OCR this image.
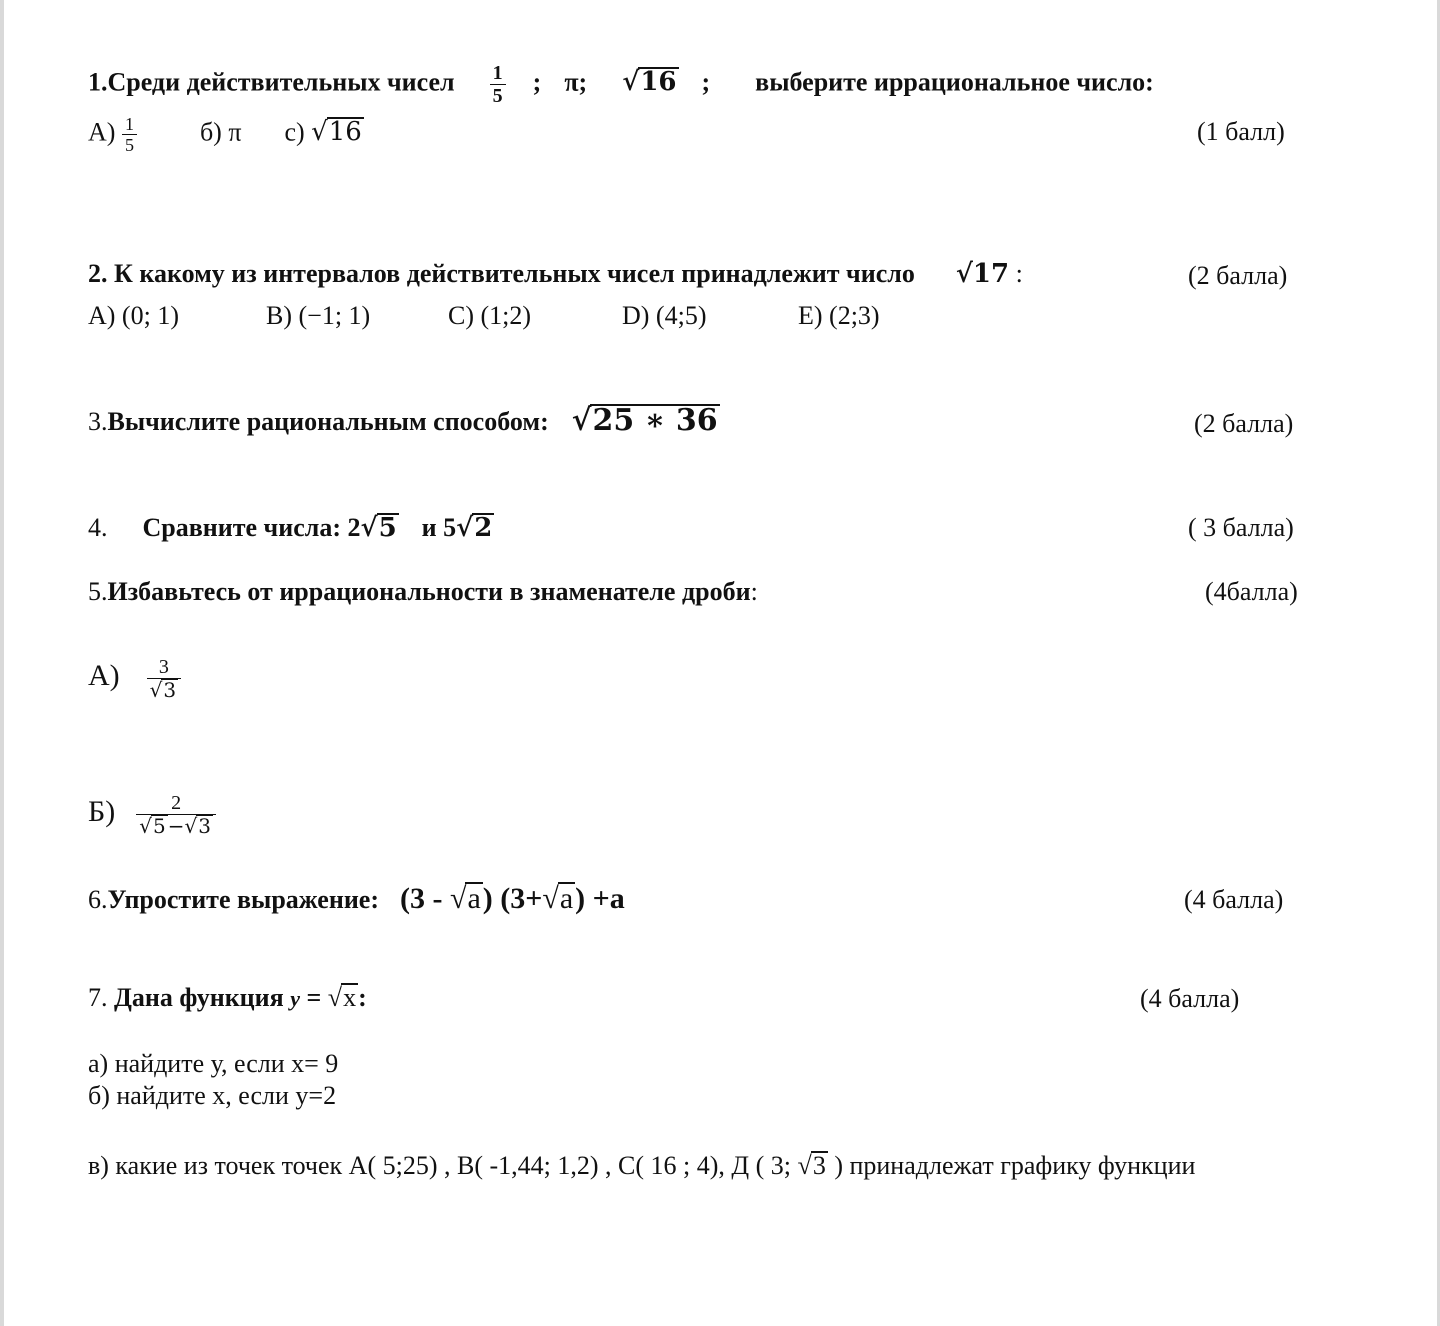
1.Среди действительных чисел $\frac{1}{5}$ ; π; √16 ; выберите иррациональное число:
$А) \frac{1}{5} б$) π с) √16	(1 балл)
2. К какому из интервалов действительных чисел принадлежит число √17 :	(2 балла)
А) (0; 1)	В) (−1; 1)	С) (1;2)	D) (4;5)	Е) (2;3)
3.Вычислите рациональным способом: √25 ∗ 36	(2 балла)
4. Сравните числа: 2√5 и 5√2	( 3 балла)
5.Избавьтесь от иррациональности в знаменателе дроби:	(4балла)
$А) \frac{3}{√3}$
$Б) \frac{2}{√5 -√3}$
6.Упростите выражение: (3 - √a) (3+√a) +a	(4 балла)
7. Дана функция y = √x:	(4 балла)
а) найдите у, если х= 9
б) найдите х, если у=2
в) какие из точек точек А( 5;25) , В( -1,44; 1,2) , С( 16 ; 4), Д ( 3; √3 ) принадлежат графику функции
